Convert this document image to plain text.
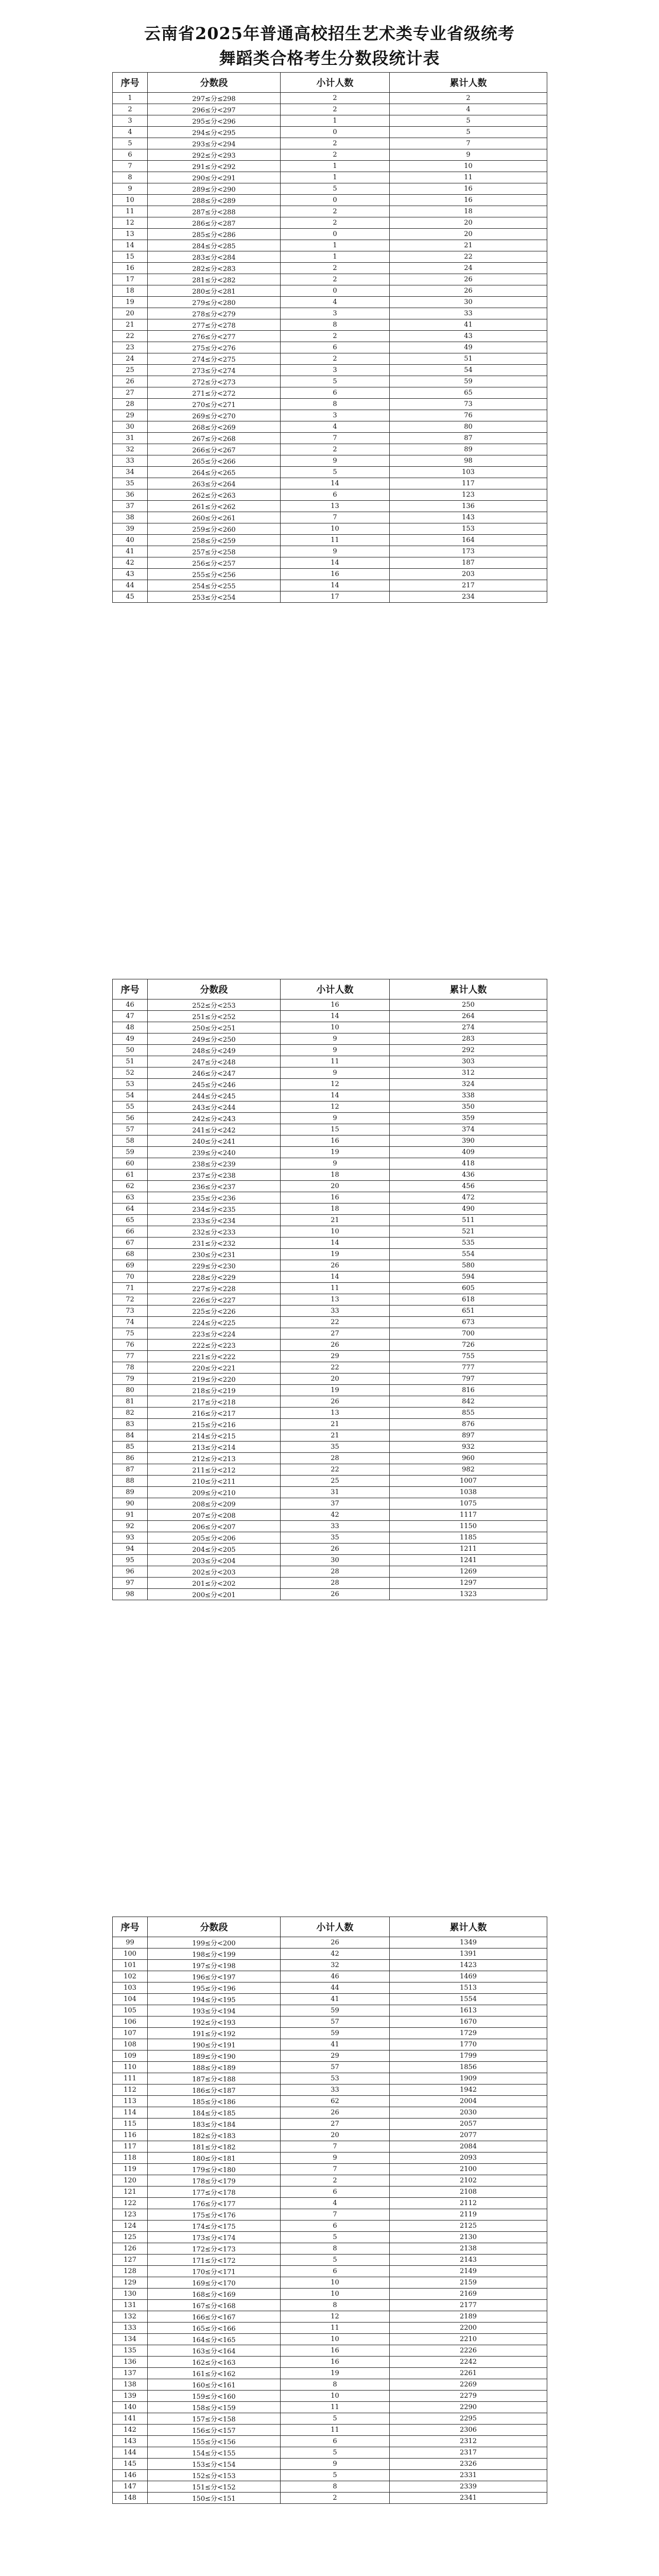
云南省2025年普通高校招生艺术类专业省级统考
舞蹈类合格考生分数段统计表
序号	分数段	小计人数	累计人数
1	297≤分≤298	2	2
2	296≤分<297	2	4
3	295≤分<296	1	5
4	294≤分<295	0	5
5	293≤分<294	2	7
6	292≤分<293	2	9
7	291≤分<292	1	10
8	290≤分<291	1	11
9	289≤分<290	5	16
10	288≤分<289	0	16
11	287≤分<288	2	18
12	286≤分<287	2	20
13	285≤分<286	0	20
14	284≤分<285	1	21
15	283≤分<284	1	22
16	282≤分<283	2	24
17	281≤分<282	2	26
18	280≤分<281	0	26
19	279≤分<280	4	30
20	278≤分<279	3	33
21	277≤分<278	8	41
22	276≤分<277	2	43
23	275≤分<276	6	49
24	274≤分<275	2	51
25	273≤分<274	3	54
26	272≤分<273	5	59
27	271≤分<272	6	65
28	270≤分<271	8	73
29	269≤分<270	3	76
30	268≤分<269	4	80
31	267≤分<268	7	87
32	266≤分<267	2	89
33	265≤分<266	9	98
34	264≤分<265	5	103
35	263≤分<264	14	117
36	262≤分<263	6	123
37	261≤分<262	13	136
38	260≤分<261	7	143
39	259≤分<260	10	153
40	258≤分<259	11	164
41	257≤分<258	9	173
42	256≤分<257	14	187
43	255≤分<256	16	203
44	254≤分<255	14	217
45	253≤分<254	17	234
序号	分数段	小计人数	累计人数
46	252≤分<253	16	250
47	251≤分<252	14	264
48	250≤分<251	10	274
49	249≤分<250	9	283
50	248≤分<249	9	292
51	247≤分<248	11	303
52	246≤分<247	9	312
53	245≤分<246	12	324
54	244≤分<245	14	338
55	243≤分<244	12	350
56	242≤分<243	9	359
57	241≤分<242	15	374
58	240≤分<241	16	390
59	239≤分<240	19	409
60	238≤分<239	9	418
61	237≤分<238	18	436
62	236≤分<237	20	456
63	235≤分<236	16	472
64	234≤分<235	18	490
65	233≤分<234	21	511
66	232≤分<233	10	521
67	231≤分<232	14	535
68	230≤分<231	19	554
69	229≤分<230	26	580
70	228≤分<229	14	594
71	227≤分<228	11	605
72	226≤分<227	13	618
73	225≤分<226	33	651
74	224≤分<225	22	673
75	223≤分<224	27	700
76	222≤分<223	26	726
77	221≤分<222	29	755
78	220≤分<221	22	777
79	219≤分<220	20	797
80	218≤分<219	19	816
81	217≤分<218	26	842
82	216≤分<217	13	855
83	215≤分<216	21	876
84	214≤分<215	21	897
85	213≤分<214	35	932
86	212≤分<213	28	960
87	211≤分<212	22	982
88	210≤分<211	25	1007
89	209≤分<210	31	1038
90	208≤分<209	37	1075
91	207≤分<208	42	1117
92	206≤分<207	33	1150
93	205≤分<206	35	1185
94	204≤分<205	26	1211
95	203≤分<204	30	1241
96	202≤分<203	28	1269
97	201≤分<202	28	1297
98	200≤分<201	26	1323
序号	分数段	小计人数	累计人数
99	199≤分<200	26	1349
100	198≤分<199	42	1391
101	197≤分<198	32	1423
102	196≤分<197	46	1469
103	195≤分<196	44	1513
104	194≤分<195	41	1554
105	193≤分<194	59	1613
106	192≤分<193	57	1670
107	191≤分<192	59	1729
108	190≤分<191	41	1770
109	189≤分<190	29	1799
110	188≤分<189	57	1856
111	187≤分<188	53	1909
112	186≤分<187	33	1942
113	185≤分<186	62	2004
114	184≤分<185	26	2030
115	183≤分<184	27	2057
116	182≤分<183	20	2077
117	181≤分<182	7	2084
118	180≤分<181	9	2093
119	179≤分<180	7	2100
120	178≤分<179	2	2102
121	177≤分<178	6	2108
122	176≤分<177	4	2112
123	175≤分<176	7	2119
124	174≤分<175	6	2125
125	173≤分<174	5	2130
126	172≤分<173	8	2138
127	171≤分<172	5	2143
128	170≤分<171	6	2149
129	169≤分<170	10	2159
130	168≤分<169	10	2169
131	167≤分<168	8	2177
132	166≤分<167	12	2189
133	165≤分<166	11	2200
134	164≤分<165	10	2210
135	163≤分<164	16	2226
136	162≤分<163	16	2242
137	161≤分<162	19	2261
138	160≤分<161	8	2269
139	159≤分<160	10	2279
140	158≤分<159	11	2290
141	157≤分<158	5	2295
142	156≤分<157	11	2306
143	155≤分<156	6	2312
144	154≤分<155	5	2317
145	153≤分<154	9	2326
146	152≤分<153	5	2331
147	151≤分<152	8	2339
148	150≤分<151	2	2341
